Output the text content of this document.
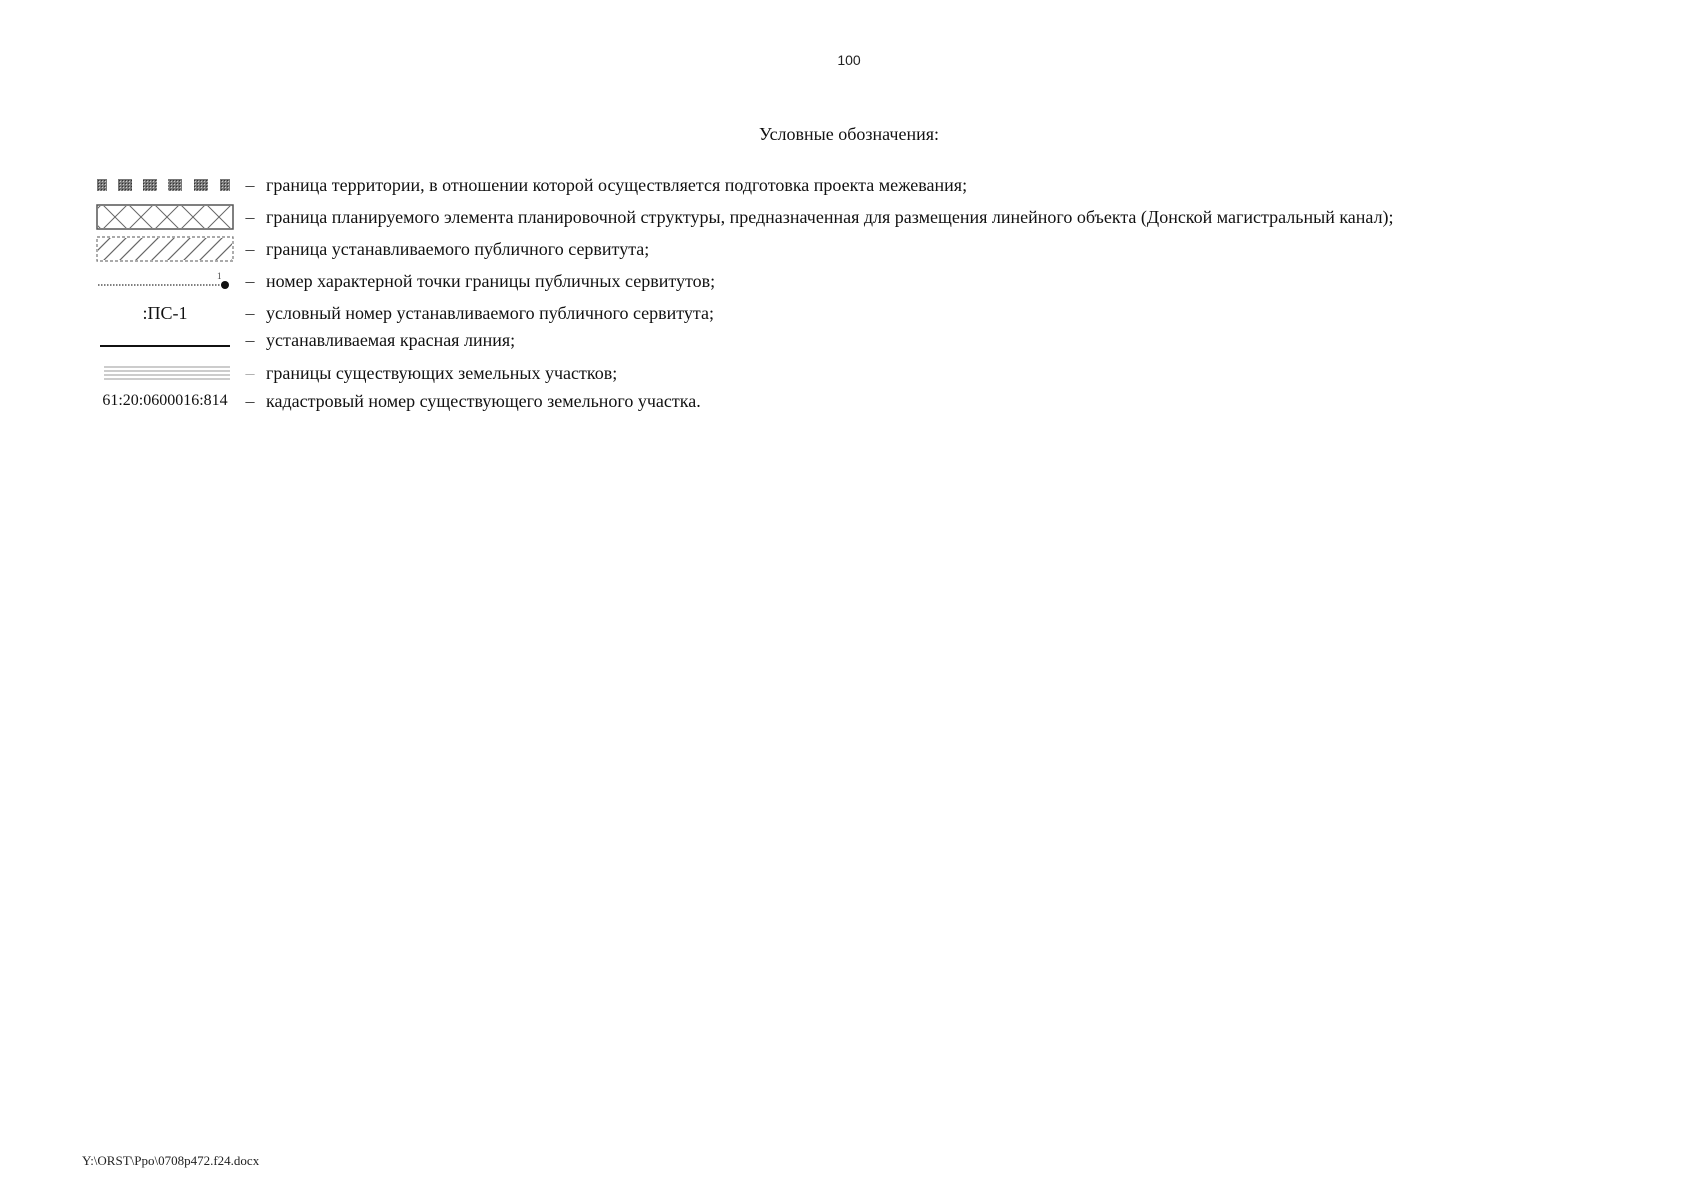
100
Условные обозначения:
– граница территории, в отношении которой осуществляется подготовка проекта межевания;
– граница планируемого элемента планировочной структуры, предназначенная для размещения линейного объекта (Донской магистральный канал);
– граница устанавливаемого публичного сервитута;
1	– номер характерной точки границы публичных сервитутов;
:ПС-1	– условный номер устанавливаемого публичного сервитута;
– устанавливаемая красная линия;
– границы существующих земельных участков;
61:20:0600016:814 – кадастровый номер существующего земельного участка.
Y:\ORST\Ppo\0708p472.f24.docx
